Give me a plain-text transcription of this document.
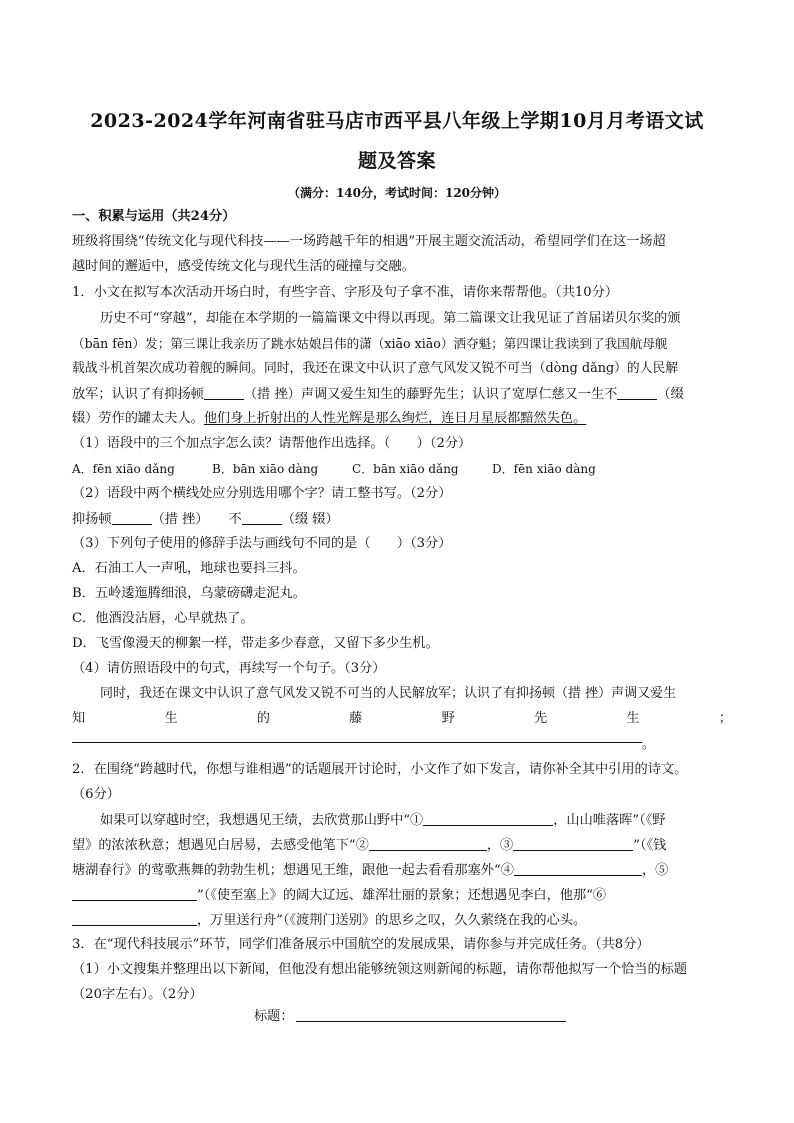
2023-2024学年河南省驻马店市西平县八年级上学期10月月考语文试
题及答案
（满分：140分，考试时间：120分钟）
一、积累与运用（共24分）
班级将围绕“传统文化与现代科技——一场跨越千年的相遇”开展主题交流活动，希望同学们在这一场超
越时间的邂逅中，感受传统文化与现代生活的碰撞与交融。
1．小文在拟写本次活动开场白时，有些字音、字形及句子拿不准，请你来帮帮他。（共10分）
历史不可“穿越”，却能在本学期的一篇篇课文中得以再现。第二篇课文让我见证了首届诺贝尔奖的颁
（bān fēn）发；第三课让我亲历了跳水姑娘吕伟的潇（xiāo xiāo）洒夺魁；第四课让我读到了我国航母舰
载战斗机首架次成功着舰的瞬间。同时，我还在课文中认识了意气风发又锐不可当（dòng dǎng）的人民解
放军；认识了有抑扬顿	（措 挫）声调又爱生知生的藤野先生；认识了宽厚仁慈又一生不	（缀
辍）劳作的罐太夫人。他们身上折射出的人性光辉是那么绚烂，连日月星辰都黯然失色。
（1）语段中的三个加点字怎么读？请帮他作出选择。（　　）（2分）
A．fēn xiāo dǎng	B．bān xiāo dàng	C．bān xiāo dǎng	D．fēn xiāo dàng
（2）语段中两个横线处应分别选用哪个字？请工整书写。（2分）
抑扬顿	（措 挫） 不	（缀 辍）
（3）下列句子使用的修辞手法与画线句不同的是（　　）（3分）
A．石油工人一声吼，地球也要抖三抖。
B．五岭逶迤腾细浪，乌蒙磅礴走泥丸。
C．他酒没沾唇，心早就热了。
D．飞雪像漫天的柳絮一样，带走多少春意，又留下多少生机。
（4）请仿照语段中的句式，再续写一个句子。（3分）
同时，我还在课文中认识了意气风发又锐不可当的人民解放军；认识了有抑扬顿（措 挫）声调又爱生
知	生	的	藤	野	先	生	；
。
2．在围绕“跨越时代，你想与谁相遇”的话题展开讨论时，小文作了如下发言，请你补全其中引用的诗文。
（6分）
如果可以穿越时空，我想遇见王绩，去欣赏那山野中“①	，山山唯落晖”（《野
望》的浓浓秋意；想遇见白居易，去感受他笔下“②	，③	”（《钱
塘湖春行》的莺歌燕舞的勃勃生机；想遇见王维，跟他一起去看看那塞外“④	，⑤
”（《使至塞上》的阔大辽远、雄浑壮丽的景象；还想遇见李白，他那“⑥
，万里送行舟”（《渡荆门送别》的思乡之叹，久久萦绕在我的心头。
3．在“现代科技展示”环节，同学们准备展示中国航空的发展成果，请你参与并完成任务。（共8分）
（1）小文搜集并整理出以下新闻，但他没有想出能够统领这则新闻的标题，请你帮他拟写一个恰当的标题
（20字左右）。（2分）
标题：
